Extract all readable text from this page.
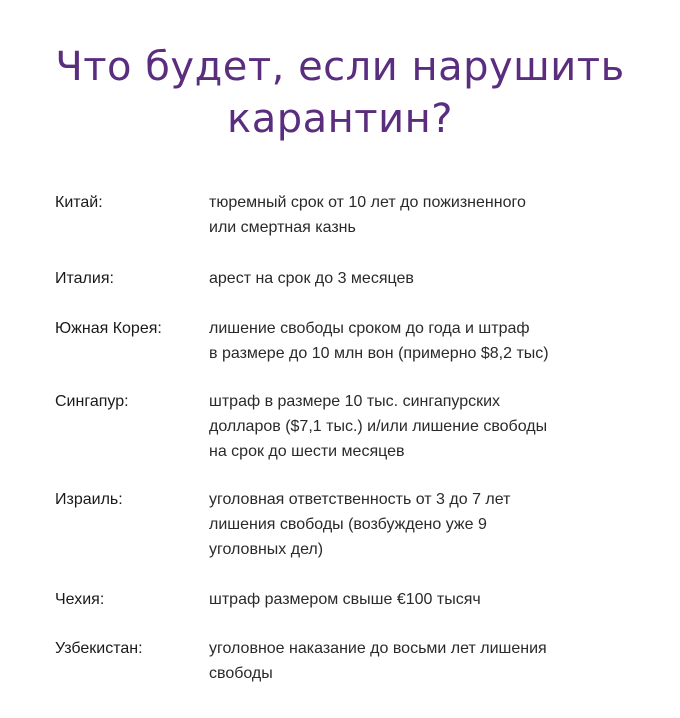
Что будет, если нарушить
карантин?
Китай:	тюремный срок от 10 лет до пожизненного
или смертная казнь
Италия:	арест на срок до 3 месяцев
Южная Корея:	лишение свободы сроком до года и штраф
в размере до 10 млн вон (примерно $8,2 тыс)
Сингапур:	штраф в размере 10 тыс. сингапурских
долларов ($7,1 тыс.) и/или лишение свободы
на срок до шести месяцев
Израиль:	уголовная ответственность от 3 до 7 лет
лишения свободы (возбуждено уже 9
уголовных дел)
Чехия:	штраф размером свыше €100 тысяч
Узбекистан:	уголовное наказание до восьми лет лишения
свободы
